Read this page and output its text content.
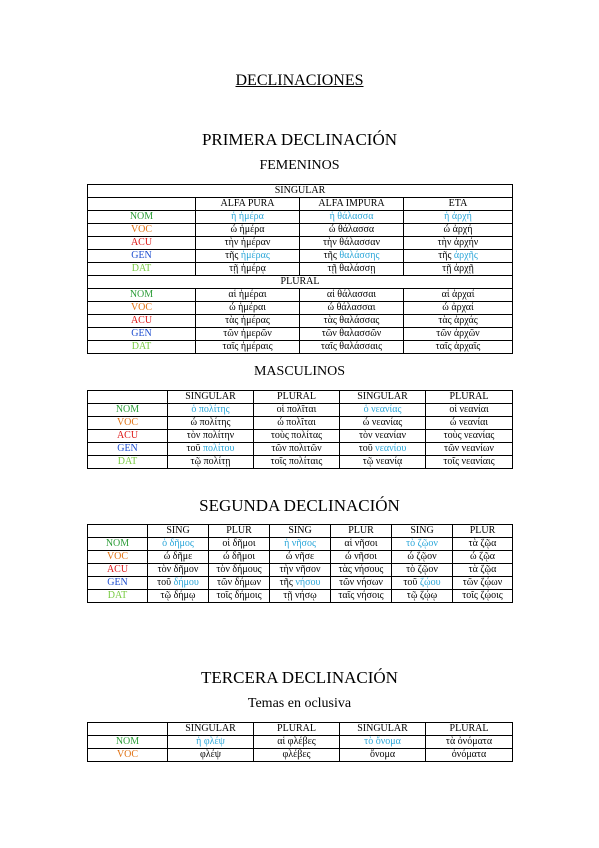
DECLINACIONES
PRIMERA DECLINACIÓN
FEMENINOS
SINGULAR			
	ALFA PURA	ALFA IMPURA	ETA
NOM	ἡ ἡμέρα	ἡ θάλασσα	ἡ ἀρχή
VOC	ὦ ἡμέρα	ὦ θάλασσα	ὦ ἀρχή
ACU	τὴν ἡμέραν	τὴν θάλασσαν	τὴν ἀρχήν
GEN	τῆς ἡμέρας	τῆς θαλάσσης	τῆς ἀρχῆς
DAT	τῇ ἡμέρᾳ	τῇ θαλάσσῃ	τῇ ἀρχῇ
PLURAL			
NOM	αἱ ἡμέραι	αἱ θάλασσαι	αἱ ἀρχαί
VOC	ὦ ἡμέραι	ὦ θάλασσαι	ὦ ἀρχαί
ACU	τὰς ἡμέρας	τὰς θαλάσσας	τὰς ἀρχάς
GEN	τῶν ἡμερῶν	τῶν θαλασσῶν	τῶν ἀρχῶν
DAT	ταῖς ἡμέραις	ταῖς θαλάσσαις	ταῖς ἀρχαῖς
MASCULINOS
	SINGULAR	PLURAL	SINGULAR	PLURAL
NOM	ὁ πολίτης	οἱ πολῖται	ὁ νεανίας	οἱ νεανίαι
VOC	ὦ πολίτης	ὦ πολῖται	ὦ νεανίας	ὦ νεανίαι
ACU	τὸν πολίτην	τοὺς πολίτας	τὸν νεανίαν	τοὺς νεανίας
GEN	τοῦ πολίτου	τῶν πολιτῶν	τοῦ νεανίου	τῶν νεανίων
DAT	τῷ πολίτῃ	τοῖς πολίταις	τῷ νεανίᾳ	τοῖς νεανίαις
SEGUNDA DECLINACIÓN
	SING	PLUR	SING	PLUR	SING	PLUR
NOM	ὁ δῆμος	οἱ δῆμοι	ἡ νῆσος	αἱ νῆσοι	τὸ ζῷον	τὰ ζῷα
VOC	ὦ δῆμε	ὦ δῆμοι	ὦ νῆσε	ὦ νῆσοι	ὦ ζῷον	ὦ ζῷα
ACU	τὸν δῆμον	τὸν δήμους	τὴν νῆσον	τὰς νήσους	τὸ ζῷον	τὰ ζῷα
GEN	τοῦ δήμου	τῶν δήμων	τῆς νήσου	τῶν νήσων	τοῦ ζῴου	τῶν ζῴων
DAT	τῷ δήμῳ	τοῖς δήμοις	τῇ νήσῳ	ταῖς νήσοις	τῷ ζῴῳ	τοῖς ζῴοις
TERCERA DECLINACIÓN
Temas en oclusiva
	SINGULAR	PLURAL	SINGULAR	PLURAL
NOM	ἡ φλέψ	αἱ φλέβες	τὸ ὄνομα	τὰ ὀνόματα
VOC	φλέψ	φλέβες	ὄνομα	ὀνόματα
